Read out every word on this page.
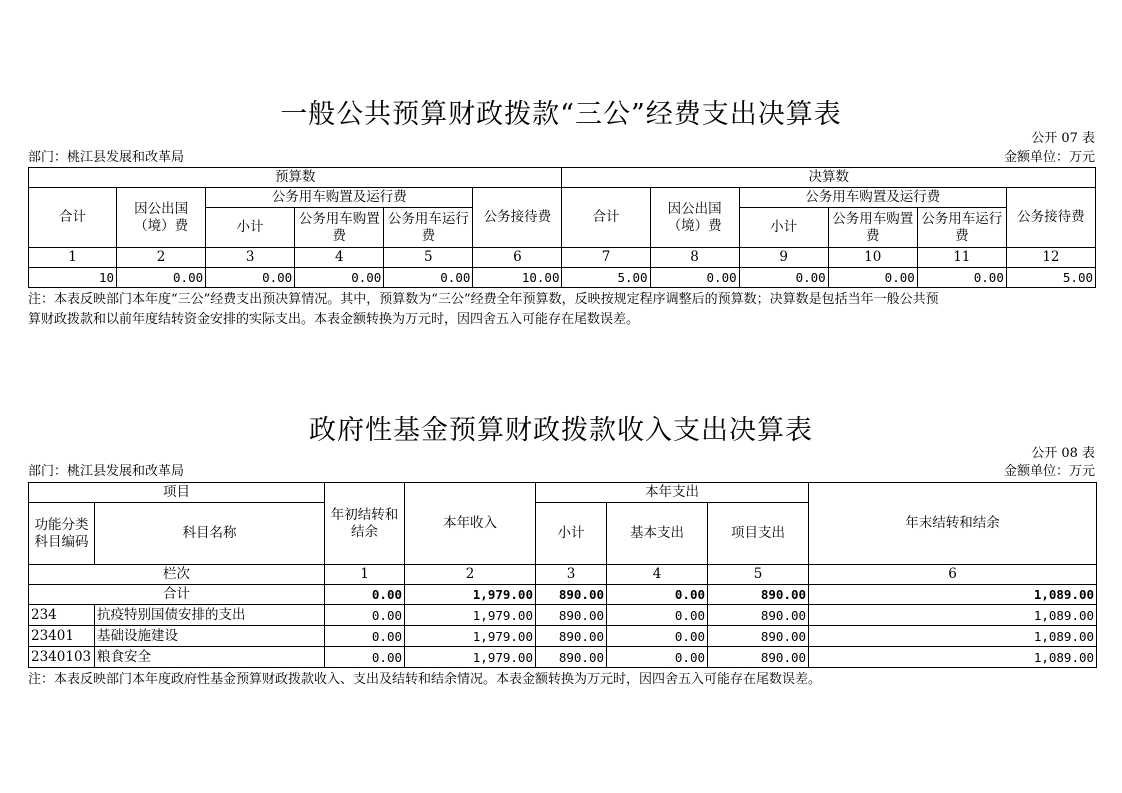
一般公共预算财政拨款“三公”经费支出决算表
公开 07 表
部门：桃江县发展和改革局	金额单位：万元
预算数						决算数					
合计	因公出国（境）费	公务用车购置及运行费			公务接待费	合计	因公出国（境）费	公务用车购置及运行费			公务接待费
		小计	公务用车购置费	公务用车运行费				小计	公务用车购置费	公务用车运行费	
1	2	3	4	5	6	7	8	9	10	11	12
10	0.00	0.00	0.00	0.00	10.00	5.00	0.00	0.00	0.00	0.00	5.00
注：本表反映部门本年度“三公”经费支出预决算情况。其中，预算数为“三公”经费全年预算数，反映按规定程序调整后的预算数；决算数是包括当年一般公共预
算财政拨款和以前年度结转资金安排的实际支出。本表金额转换为万元时，因四舍五入可能存在尾数误差。
政府性基金预算财政拨款收入支出决算表
公开 08 表
部门：桃江县发展和改革局	金额单位：万元
项目		年初结转和结余	本年收入	本年支出			年末结转和结余
功能分类科目编码	科目名称			小计	基本支出	项目支出	
栏次		1	2	3	4	5	6
合计		0.00	1,979.00	890.00	0.00	890.00	1,089.00
234	抗疫特别国债安排的支出	0.00	1,979.00	890.00	0.00	890.00	1,089.00
23401	基础设施建设	0.00	1,979.00	890.00	0.00	890.00	1,089.00
2340103	粮食安全	0.00	1,979.00	890.00	0.00	890.00	1,089.00
注：本表反映部门本年度政府性基金预算财政拨款收入、支出及结转和结余情况。本表金额转换为万元时，因四舍五入可能存在尾数误差。
